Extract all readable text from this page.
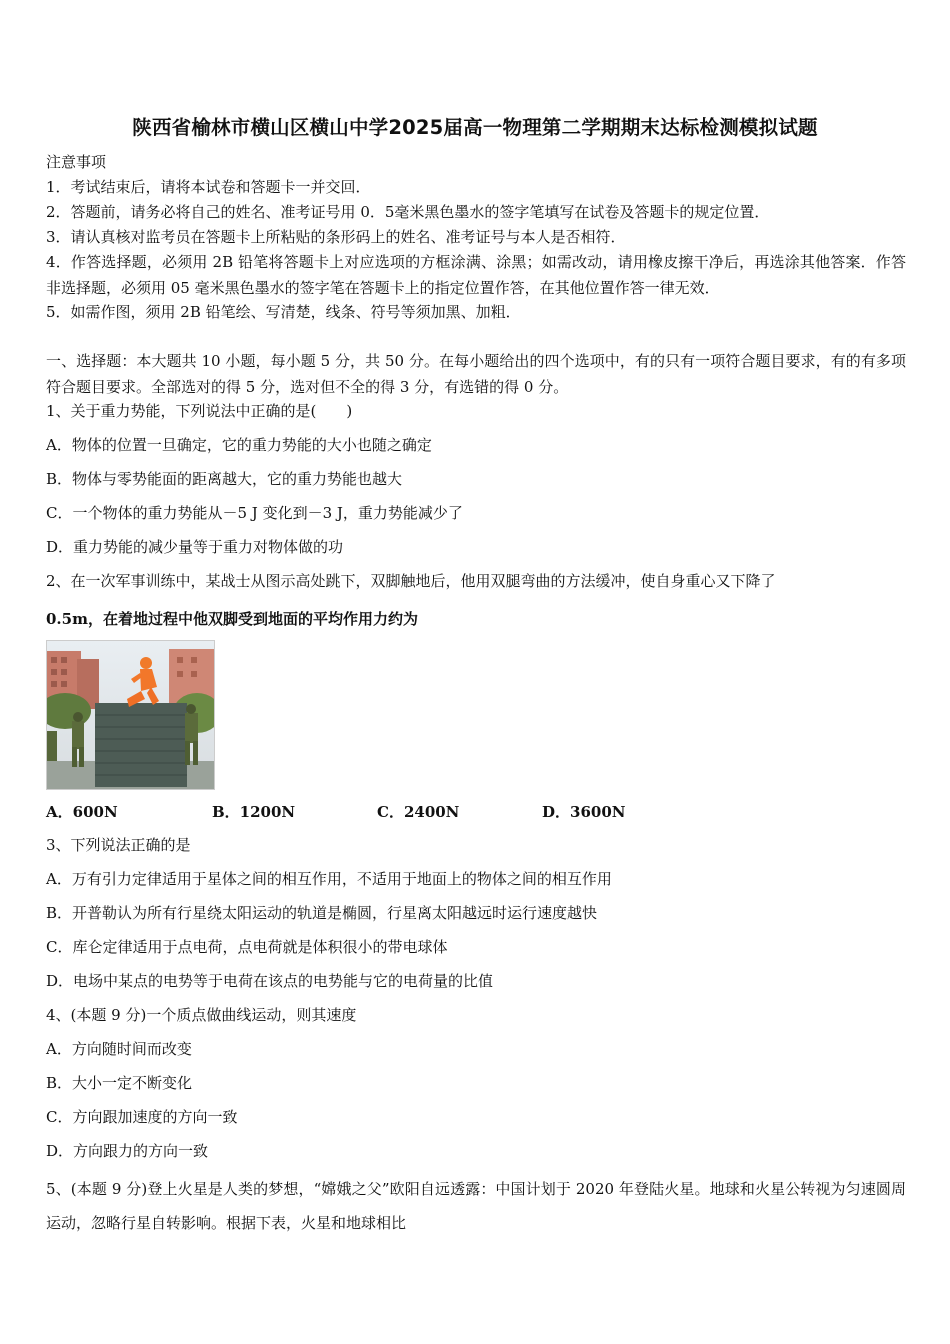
陕西省榆林市横山区横山中学2025届高一物理第二学期期末达标检测模拟试题
注意事项
1．考试结束后，请将本试卷和答题卡一并交回．
2．答题前，请务必将自己的姓名、准考证号用 0．5毫米黑色墨水的签字笔填写在试卷及答题卡的规定位置．
3．请认真核对监考员在答题卡上所粘贴的条形码上的姓名、准考证号与本人是否相符．
4．作答选择题，必须用 2B 铅笔将答题卡上对应选项的方框涂满、涂黑；如需改动，请用橡皮擦干净后，再选涂其他答案．作答非选择题，必须用 05 毫米黑色墨水的签字笔在答题卡上的指定位置作答，在其他位置作答一律无效．
5．如需作图，须用 2B 铅笔绘、写清楚，线条、符号等须加黑、加粗．
一、选择题：本大题共 10 小题，每小题 5 分，共 50 分。在每小题给出的四个选项中，有的只有一项符合题目要求，有的有多项符合题目要求。全部选对的得 5 分，选对但不全的得 3 分，有选错的得 0 分。
1、关于重力势能，下列说法中正确的是(　　)
A．物体的位置一旦确定，它的重力势能的大小也随之确定
B．物体与零势能面的距离越大，它的重力势能也越大
C．一个物体的重力势能从－5 J 变化到－3 J，重力势能减少了
D．重力势能的减少量等于重力对物体做的功
2、在一次军事训练中，某战士从图示高处跳下，双脚触地后，他用双腿弯曲的方法缓冲，使自身重心又下降了
0.5m，在着地过程中他双脚受到地面的平均作用力约为
A．600N	B．1200N	C．2400N	D．3600N
3、下列说法正确的是
A．万有引力定律适用于星体之间的相互作用，不适用于地面上的物体之间的相互作用
B．开普勒认为所有行星绕太阳运动的轨道是椭圆，行星离太阳越远时运行速度越快
C．库仑定律适用于点电荷，点电荷就是体积很小的带电球体
D．电场中某点的电势等于电荷在该点的电势能与它的电荷量的比值
4、(本题 9 分)一个质点做曲线运动，则其速度
A．方向随时间而改变
B．大小一定不断变化
C．方向跟加速度的方向一致
D．方向跟力的方向一致
5、(本题 9 分)登上火星是人类的梦想，“嫦娥之父”欧阳自远透露：中国计划于 2020 年登陆火星。地球和火星公转视为匀速圆周运动，忽略行星自转影响。根据下表，火星和地球相比
